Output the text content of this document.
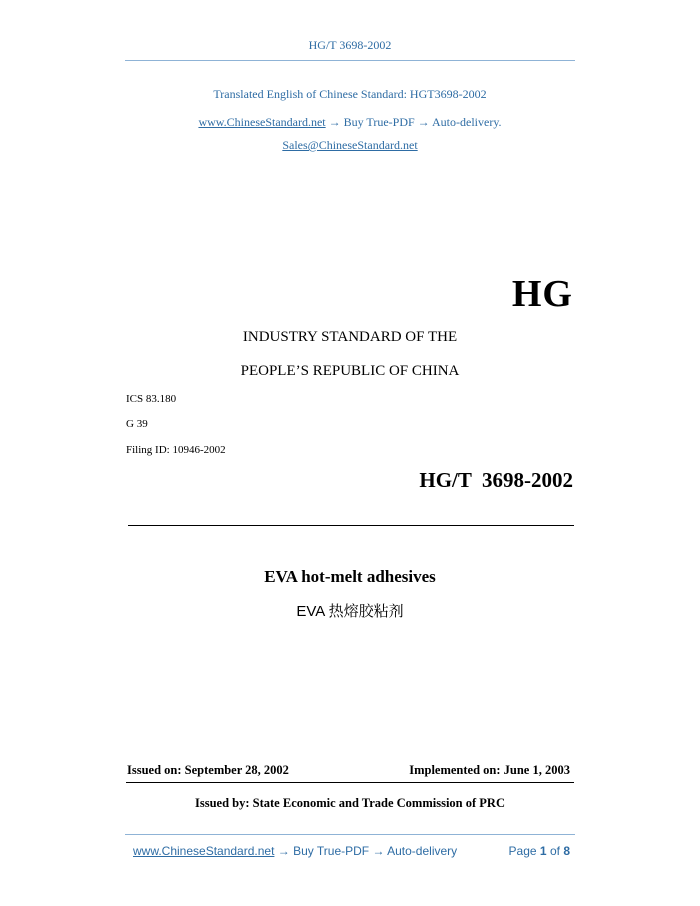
HG/T 3698-2002
Translated English of Chinese Standard: HGT3698-2002
www.ChineseStandard.net → Buy True-PDF → Auto-delivery.
Sales@ChineseStandard.net
HG
INDUSTRY STANDARD OF THE
PEOPLE’S REPUBLIC OF CHINA
ICS 83.180
G 39
Filing ID: 10946-2002
HG/T  3698-2002
EVA hot-melt adhesives
EVA 热熔胶粘剂
Issued on: September 28, 2002	Implemented on: June 1, 2003
Issued by: State Economic and Trade Commission of PRC
www.ChineseStandard.net → Buy True-PDF → Auto-delivery	Page 1 of 8
